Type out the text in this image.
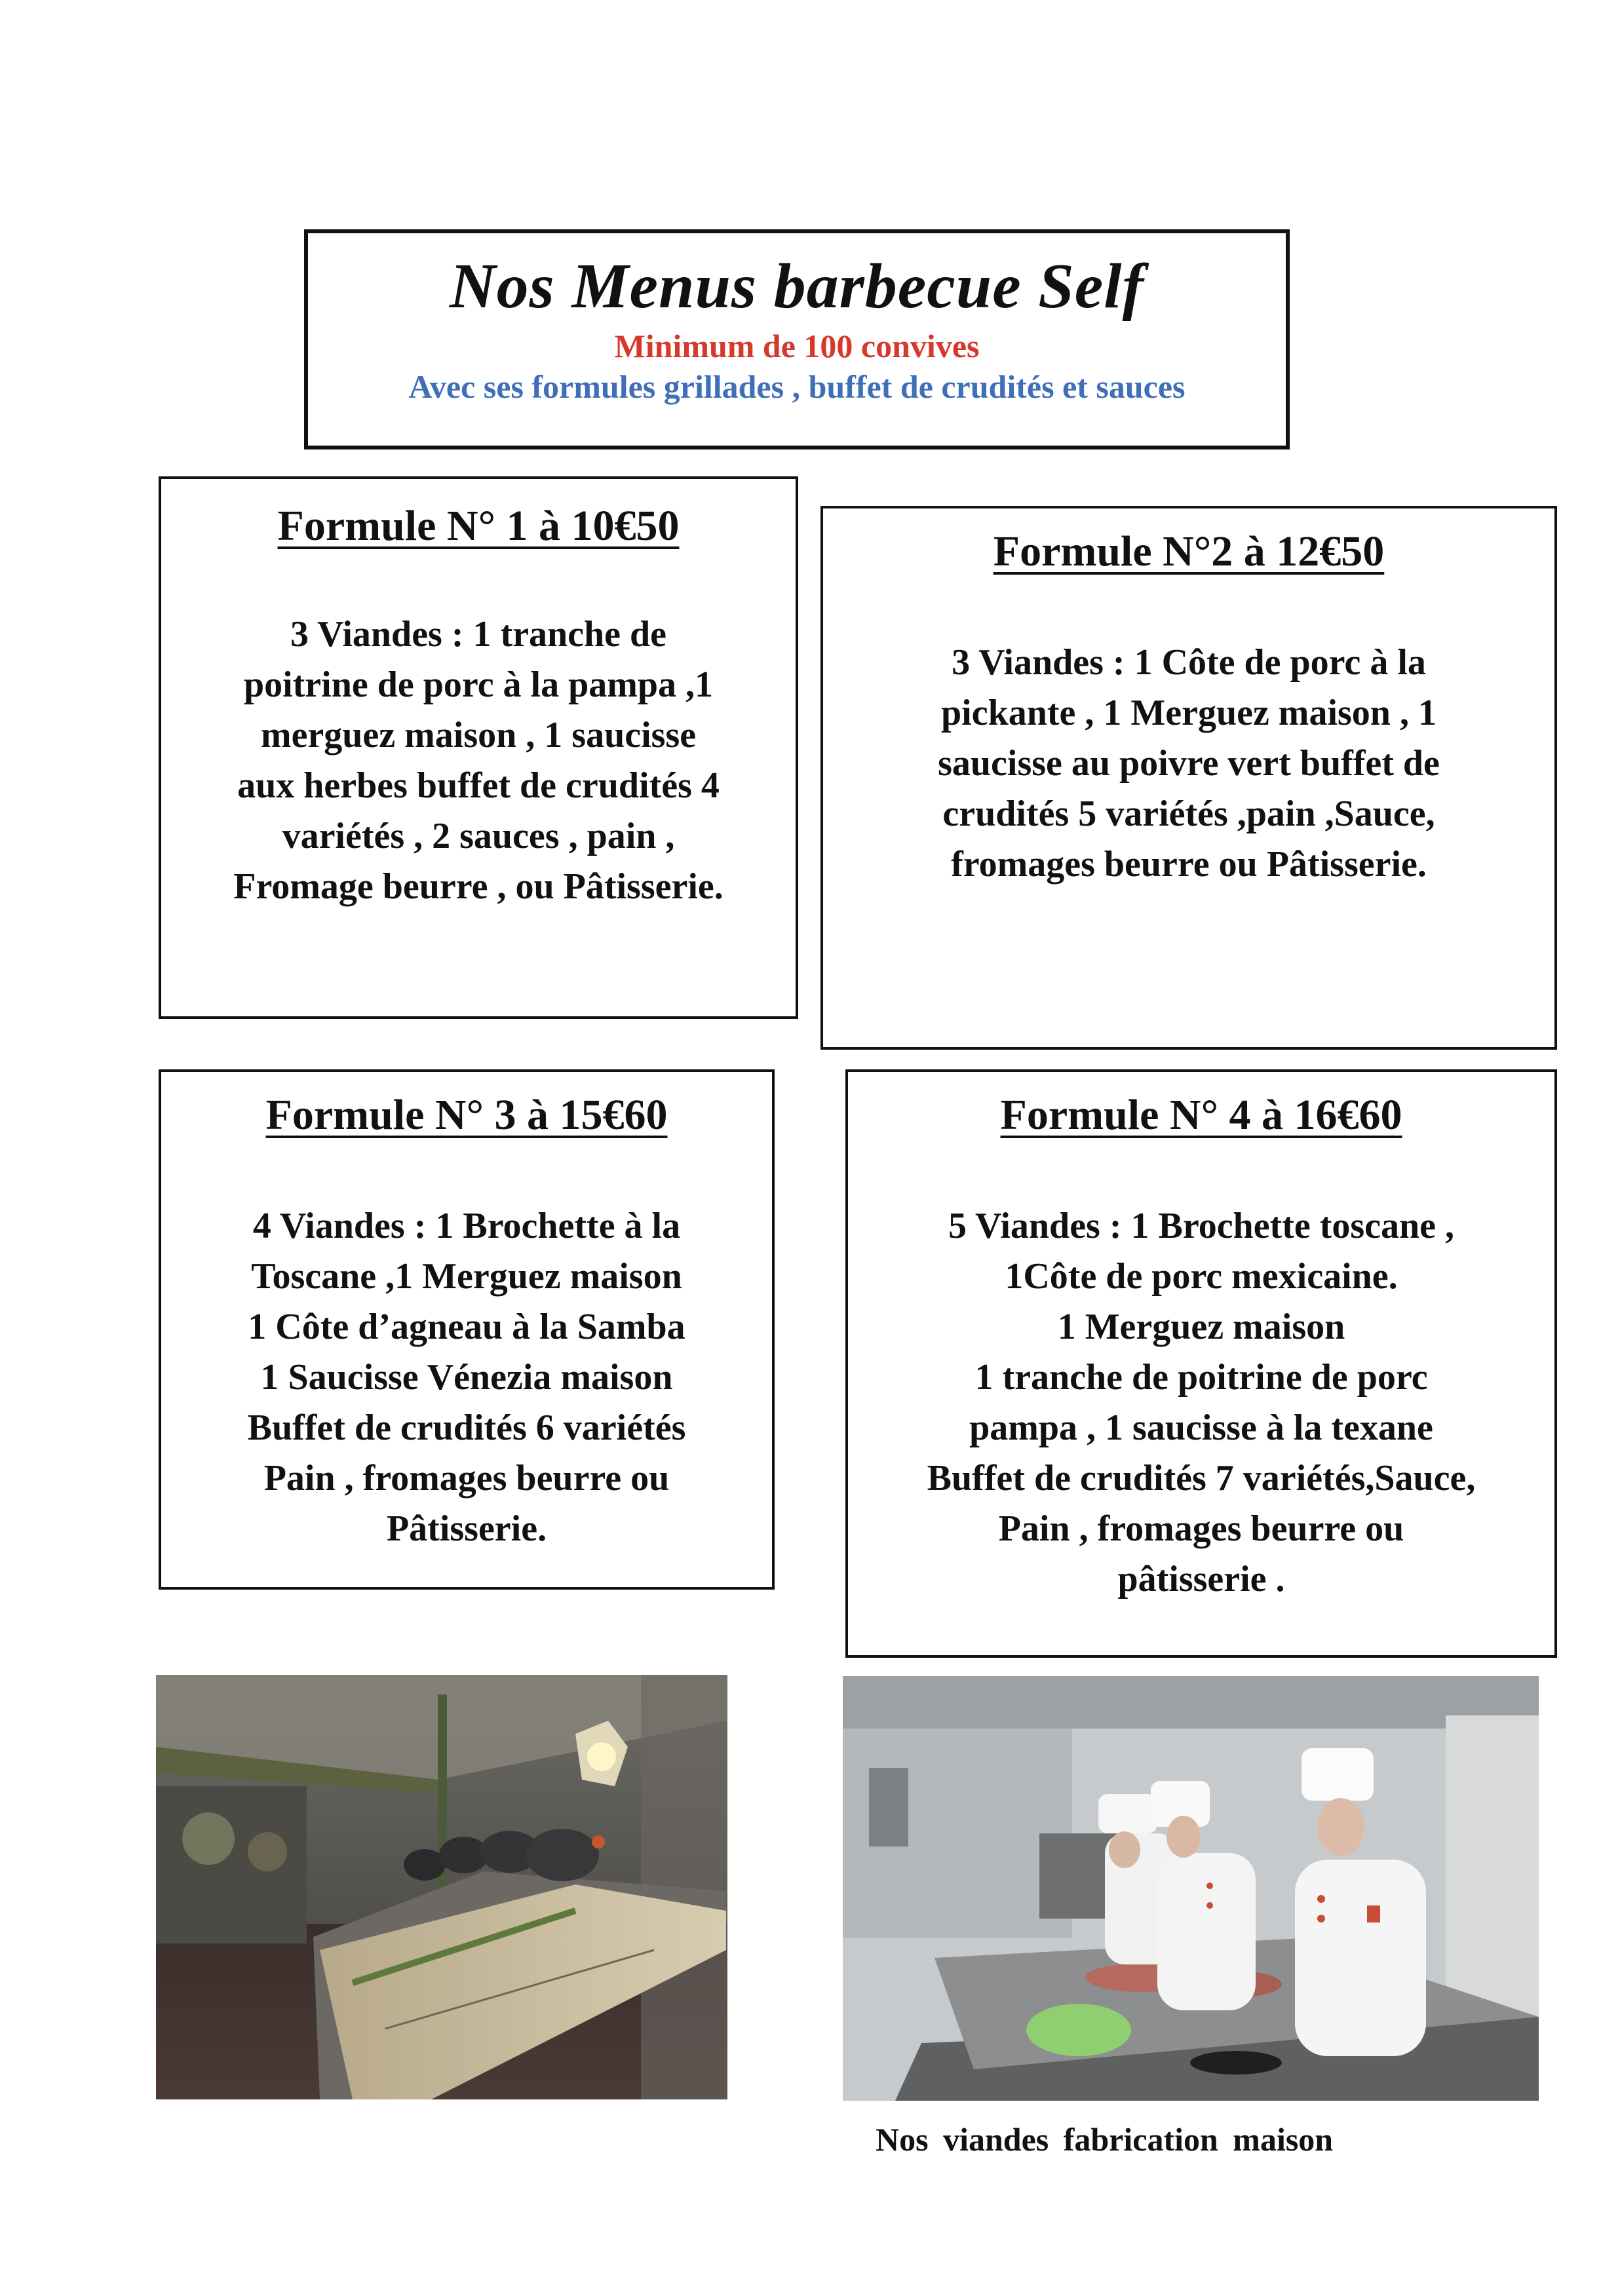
Nos Menus barbecue Self
Minimum de 100 convives
Avec ses formules grillades , buffet de crudités et sauces
Formule N° 1 à 10€50
3 Viandes : 1 tranche de
poitrine de porc à la pampa ,1
merguez maison , 1 saucisse
aux herbes buffet de crudités 4
variétés , 2 sauces , pain ,
Fromage beurre , ou Pâtisserie.
Formule N°2 à 12€50
3 Viandes : 1 Côte de porc à la
pickante , 1 Merguez maison , 1
saucisse au poivre vert buffet de
crudités 5 variétés ,pain ,Sauce,
fromages beurre ou Pâtisserie.
Formule N° 3 à 15€60
4 Viandes : 1 Brochette à la
Toscane ,1 Merguez maison
1 Côte d’agneau à la Samba
1 Saucisse Vénezia maison
Buffet de crudités 6 variétés
Pain , fromages beurre ou
Pâtisserie.
Formule N° 4 à 16€60
5 Viandes : 1 Brochette toscane ,
1Côte de porc mexicaine.
1 Merguez maison
1 tranche de poitrine de porc
pampa , 1 saucisse à la texane
Buffet de crudités 7 variétés,Sauce,
Pain , fromages beurre ou
pâtisserie .
Nos viandes fabrication maison
